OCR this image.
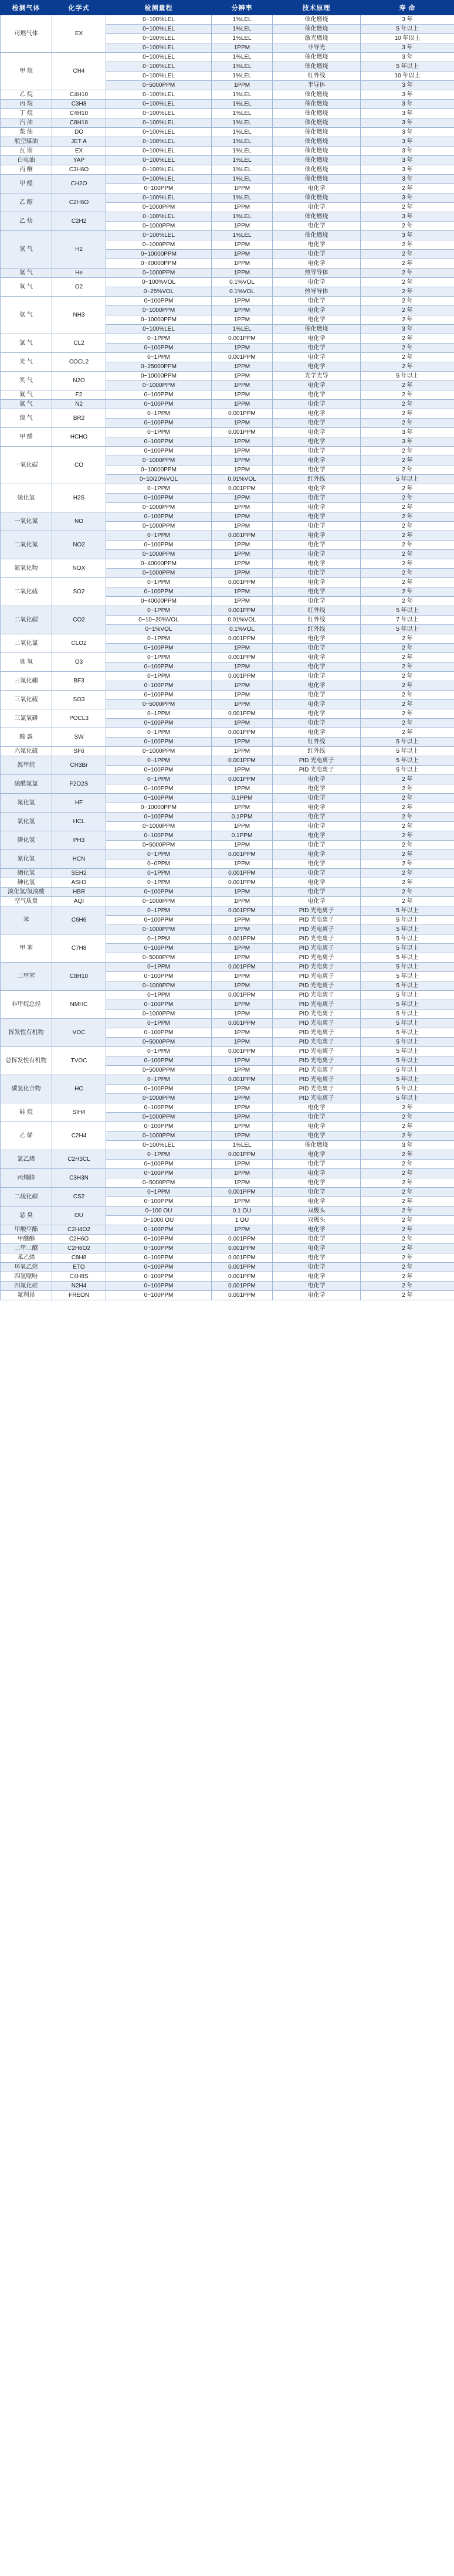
检测气体	化学式	检测量程	分辨率	技术原理	寿 命
可燃气体	EX	0~100%LEL	1%LEL	催化燃烧	3 年
		0~100%LEL	1%LEL	催化燃烧	5 年以上
		0~100%LEL	1%LEL	激光燃烧	10 年以上
		0~100%LEL	1PPM	非导光	3 年
甲 烷	CH4	0~100%LEL	1%LEL	催化燃烧	3 年
		0~100%LEL	1%LEL	催化燃烧	5 年以上
		0~100%LEL	1%LEL	红外线	10 年以上
		0~5000PPM	1PPM	半导体	3 年
乙 烷	C4H10	0~100%LEL	1%LEL	催化燃烧	3 年
丙 烷	C3H8	0~100%LEL	1%LEL	催化燃烧	3 年
丁 烷	C4H10	0~100%LEL	1%LEL	催化燃烧	3 年
汽 油	C8H18	0~100%LEL	1%LEL	催化燃烧	3 年
柴 油	DO	0~100%LEL	1%LEL	催化燃烧	3 年
航空煤油	JET A	0~100%LEL	1%LEL	催化燃烧	3 年
瓦 斯	EX	0~100%LEL	1%LEL	催化燃烧	3 年
白电油	YAP	0~100%LEL	1%LEL	催化燃烧	3 年
丙 酮	C3H6O	0~100%LEL	1%LEL	催化燃烧	3 年
甲 醛	CH2O	0~100%LEL	1%LEL	催化燃烧	3 年
		0~100PPM	1PPM	电化学	2 年
乙 醇	C2H6O	0~100%LEL	1%LEL	催化燃烧	3 年
		0~1000PPM	1PPM	电化学	2 年
乙 炔	C2H2	0~100%LEL	1%LEL	催化燃烧	3 年
		0~1000PPM	1PPM	电化学	2 年
氢 气	H2	0~100%LEL	1%LEL	催化燃烧	3 年
		0~1000PPM	1PPM	电化学	2 年
		0~10000PPM	1PPM	电化学	2 年
		0~40000PPM	1PPM	电化学	2 年
氦 气	He	0~1000PPM	1PPM	热导导体	2 年
氧 气	O2	0~100%VOL	0.1%VOL	电化学	2 年
		0~25%VOL	0.1%VOL	热导导体	2 年
氨 气	NH3	0~100PPM	1PPM	电化学	2 年
		0~1000PPM	1PPM	电化学	2 年
		0~10000PPM	1PPM	电化学	2 年
		0~100%LEL	1%LEL	催化燃烧	3 年
氯 气	CL2	0~1PPM	0.001PPM	电化学	2 年
		0~100PPM	1PPM	电化学	2 年
光 气	COCL2	0~1PPM	0.001PPM	电化学	2 年
		0~25000PPM	1PPM	电化学	2 年
笑 气	N2O	0~10000PPM	1PPM	光学光导	5 年以上
		0~1000PPM	1PPM	电化学	2 年
氟 气	F2	0~100PPM	1PPM	电化学	2 年
氮 气	N2	0~100PPM	1PPM	电化学	2 年
溴 气	BR2	0~1PPM	0.001PPM	电化学	2 年
		0~100PPM	1PPM	电化学	2 年
甲 醛	HCHO	0~1PPM	0.001PPM	电化学	3 年
		0~100PPM	1PPM	电化学	3 年
一氧化碳	CO	0~100PPM	1PPM	电化学	2 年
		0~1000PPM	1PPM	电化学	2 年
		0~10000PPM	1PPM	电化学	2 年
		0~10/20%VOL	0.01%VOL	红外线	5 年以上
硫化氢	H2S	0~1PPM	0.001PPM	电化学	2 年
		0~100PPM	1PPM	电化学	2 年
		0~1000PPM	1PPM	电化学	2 年
一氧化氮	NO	0~100PPM	1PPM	电化学	2 年
		0~1000PPM	1PPM	电化学	2 年
二氧化氮	NO2	0~1PPM	0.001PPM	电化学	2 年
		0~100PPM	1PPM	电化学	2 年
		0~1000PPM	1PPM	电化学	2 年
氮氧化物	NOX	0~40000PPM	1PPM	电化学	2 年
		0~1000PPM	1PPM	电化学	2 年
二氧化硫	SO2	0~1PPM	0.001PPM	电化学	2 年
		0~100PPM	1PPM	电化学	2 年
		0~40000PPM	1PPM	电化学	2 年
二氧化碳	CO2	0~1PPM	0.001PPM	红外线	5 年以上
		0~10~20%VOL	0.01%VOL	红外线	7 年以上
		0~1%VOL	0.1%VOL	红外线	5 年以上
二氧化氯	CLO2	0~1PPM	0.001PPM	电化学	2 年
		0~100PPM	1PPM	电化学	2 年
臭 氧	O3	0~1PPM	0.001PPM	电化学	2 年
		0~100PPM	1PPM	电化学	2 年
三氟化硼	BF3	0~1PPM	0.001PPM	电化学	2 年
		0~100PPM	1PPM	电化学	2 年
三氧化硫	SO3	0~100PPM	1PPM	电化学	2 年
		0~5000PPM	1PPM	电化学	2 年
三氯氧磷	POCL3	0~1PPM	0.001PPM	电化学	2 年
		0~100PPM	1PPM	电化学	2 年
酸 露	SW	0~1PPM	0.001PPM	电化学	2 年
		0~100PPM	1PPM	红外线	5 年以上
六氟化硫	SF6	0~1000PPM	1PPM	红外线	5 年以上
溴甲烷	CH3Br	0~1PPM	0.001PPM	PID 光电离子	5 年以上
		0~100PPM	1PPM	PID 光电离子	5 年以上
硫酰氟氯	F2O2S	0~1PPM	0.001PPM	电化学	2 年
		0~100PPM	1PPM	电化学	2 年
氟化氢	HF	0~100PPM	0.1PPM	电化学	2 年
		0~10000PPM	1PPM	电化学	2 年
氯化氢	HCL	0~100PPM	0.1PPM	电化学	2 年
		0~1000PPM	1PPM	电化学	2 年
磷化氢	PH3	0~100PPM	0.1PPM	电化学	2 年
		0~5000PPM	1PPM	电化学	2 年
氰化氢	HCN	0~1PPM	0.001PPM	电化学	2 年
		0~0PPM	1PPM	电化学	2 年
硒化氢	SEH2	0~1PPM	0.001PPM	电化学	2 年
砷化氢	ASH3	0~1PPM	0.001PPM	电化学	2 年
溴化氢/氢溴酸	HBR	0~100PPM	1PPM	电化学	2 年
空气质量	AQI	0~1000PPM	1PPM	电化学	2 年
苯	C6H6	0~1PPM	0.001PPM	PID 光电离子	5 年以上
		0~100PPM	1PPM	PID 光电离子	5 年以上
		0~1000PPM	1PPM	PID 光电离子	5 年以上
甲 苯	C7H8	0~1PPM	0.001PPM	PID 光电离子	5 年以上
		0~100PPM	1PPM	PID 光电离子	5 年以上
		0~5000PPM	1PPM	PID 光电离子	5 年以上
二甲苯	C8H10	0~1PPM	0.001PPM	PID 光电离子	5 年以上
		0~100PPM	1PPM	PID 光电离子	5 年以上
		0~1000PPM	1PPM	PID 光电离子	5 年以上
非甲烷总烃	NMHC	0~1PPM	0.001PPM	PID 光电离子	5 年以上
		0~100PPM	1PPM	PID 光电离子	5 年以上
		0~1000PPM	1PPM	PID 光电离子	5 年以上
挥发性有机物	VOC	0~1PPM	0.001PPM	PID 光电离子	5 年以上
		0~100PPM	1PPM	PID 光电离子	5 年以上
		0~5000PPM	1PPM	PID 光电离子	5 年以上
总挥发性有机物	TVOC	0~1PPM	0.001PPM	PID 光电离子	5 年以上
		0~100PPM	1PPM	PID 光电离子	5 年以上
		0~5000PPM	1PPM	PID 光电离子	5 年以上
碳氢化合物	HC	0~1PPM	0.001PPM	PID 光电离子	5 年以上
		0~100PPM	1PPM	PID 光电离子	5 年以上
		0~1000PPM	1PPM	PID 光电离子	5 年以上
硅 烷	SIH4	0~100PPM	1PPM	电化学	2 年
		0~1000PPM	1PPM	电化学	2 年
乙 烯	C2H4	0~100PPM	1PPM	电化学	2 年
		0~1000PPM	1PPM	电化学	2 年
		0~100%LEL	1%LEL	催化燃烧	3 年
氯乙烯	C2H3CL	0~1PPM	0.001PPM	电化学	2 年
		0~100PPM	1PPM	电化学	2 年
丙烯腈	C3H3N	0~100PPM	1PPM	电化学	2 年
		0~5000PPM	1PPM	电化学	2 年
二硫化碳	CS2	0~1PPM	0.001PPM	电化学	2 年
		0~100PPM	1PPM	电化学	2 年
恶 臭	OU	0~100 OU	0.1 OU	双极头	2 年
		0~1000 OU	1 OU	双极头	2 年
甲酸甲酯	C2H4O2	0~100PPM	1PPM	电化学	2 年
甲醚醇	C2H6O	0~100PPM	0.001PPM	电化学	2 年
二甲二醚	C2H6O2	0~100PPM	0.001PPM	电化学	2 年
苯乙烯	C8H8	0~100PPM	0.001PPM	电化学	2 年
环氧乙烷	ETO	0~100PPM	0.001PPM	电化学	2 年
四氢噻吩	C4H8S	0~100PPM	0.001PPM	电化学	2 年
四氟化硅	N2H4	0~100PPM	0.001PPM	电化学	2 年
氟利昂	FREON	0~100PPM	0.001PPM	电化学	2 年
